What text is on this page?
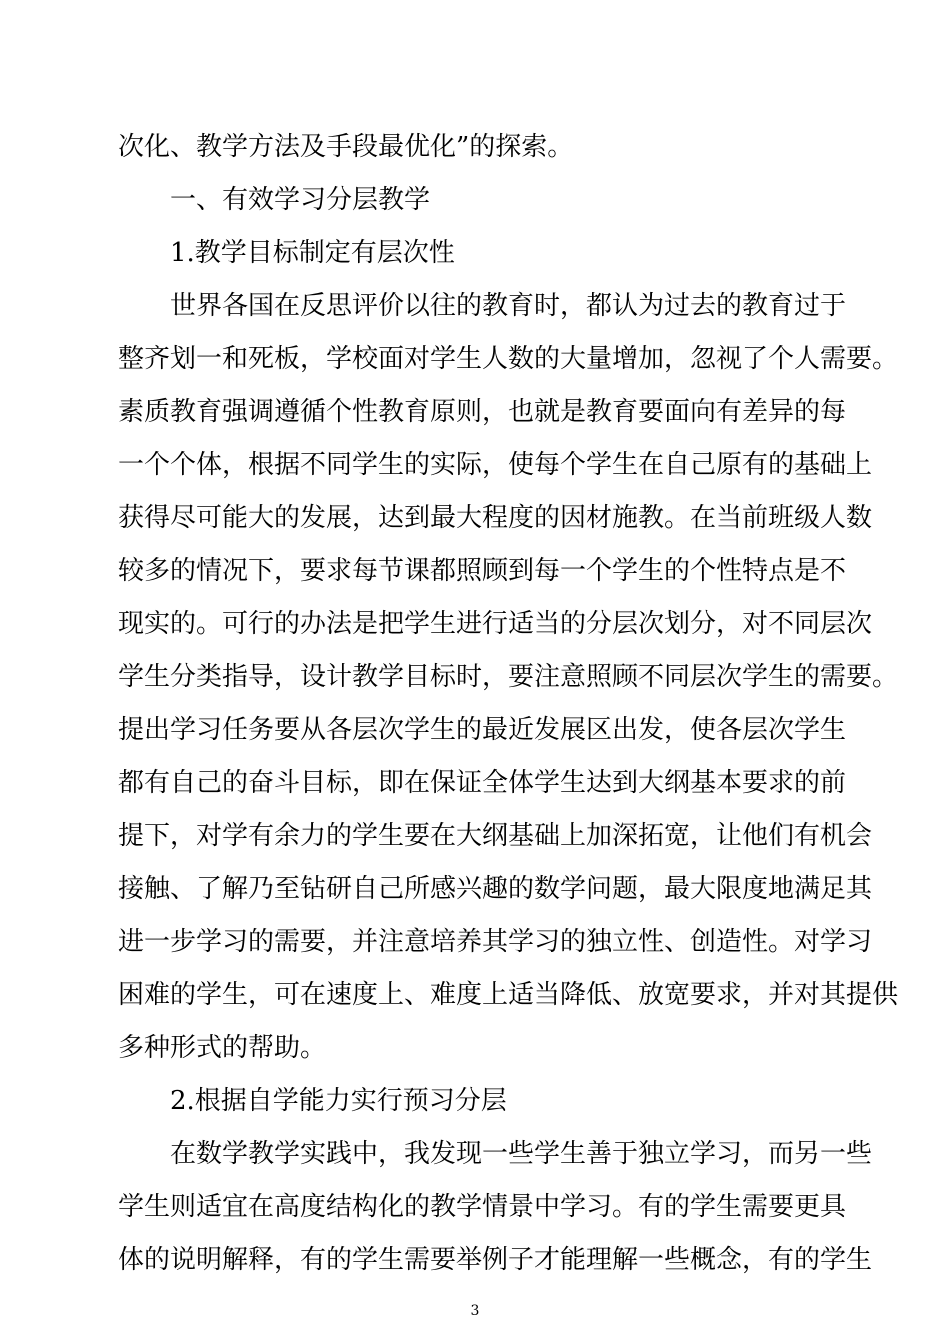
次化、教学方法及手段最优化”的探索。
一、有效学习分层教学
1.教学目标制定有层次性
世界各国在反思评价以往的教育时，都认为过去的教育过于
整齐划一和死板，学校面对学生人数的大量增加，忽视了个人需要。
素质教育强调遵循个性教育原则，也就是教育要面向有差异的每
一个个体，根据不同学生的实际，使每个学生在自己原有的基础上
获得尽可能大的发展，达到最大程度的因材施教。在当前班级人数
较多的情况下，要求每节课都照顾到每一个学生的个性特点是不
现实的。可行的办法是把学生进行适当的分层次划分，对不同层次
学生分类指导，设计教学目标时，要注意照顾不同层次学生的需要。
提出学习任务要从各层次学生的最近发展区出发，使各层次学生
都有自己的奋斗目标，即在保证全体学生达到大纲基本要求的前
提下，对学有余力的学生要在大纲基础上加深拓宽，让他们有机会
接触、了解乃至钻研自己所感兴趣的数学问题，最大限度地满足其
进一步学习的需要，并注意培养其学习的独立性、创造性。对学习
困难的学生，可在速度上、难度上适当降低、放宽要求，并对其提供
多种形式的帮助。
2.根据自学能力实行预习分层
在数学教学实践中，我发现一些学生善于独立学习，而另一些
学生则适宜在高度结构化的教学情景中学习。有的学生需要更具
体的说明解释，有的学生需要举例子才能理解一些概念，有的学生
3
